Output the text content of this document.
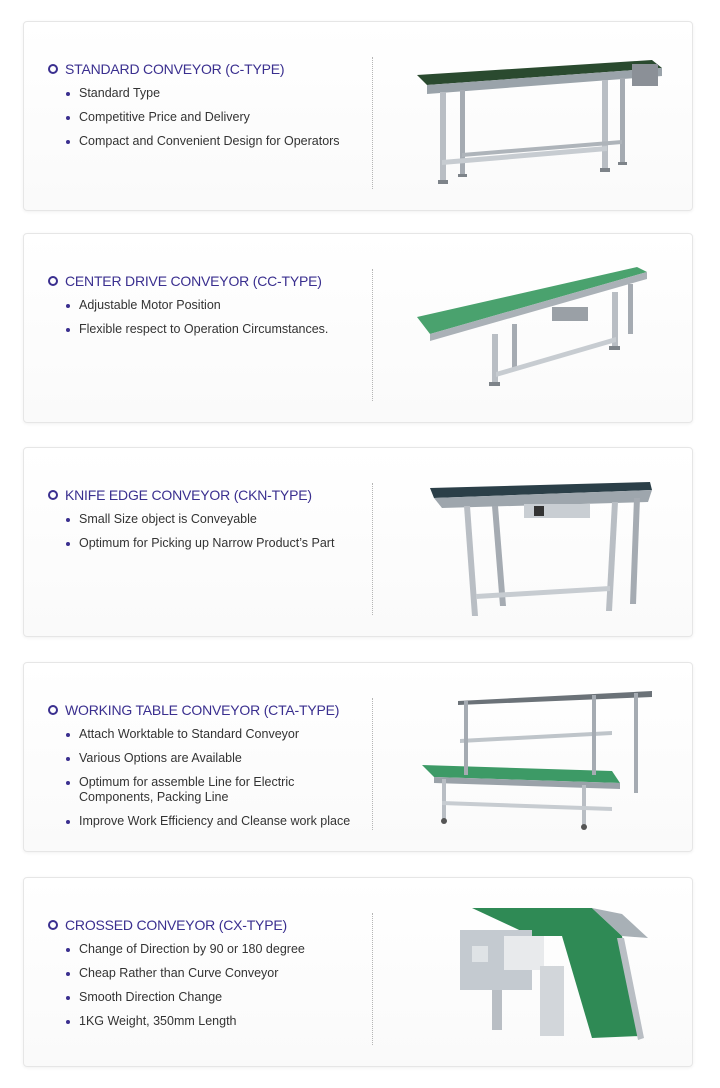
STANDARD CONVEYOR (C-TYPE)
Standard Type
Competitive Price and Delivery
Compact and Convenient Design for Operators
CENTER DRIVE CONVEYOR (CC-TYPE)
Adjustable Motor Position
Flexible respect to Operation Circumstances.
KNIFE EDGE CONVEYOR (CKN-TYPE)
Small Size object is Conveyable
Optimum for Picking up Narrow Product’s Part
WORKING TABLE CONVEYOR (CTA-TYPE)
Attach Worktable to Standard Conveyor
Various Options are Available
Optimum for assemble Line for Electric Components, Packing Line
Improve Work Efficiency and Cleanse work place
CROSSED CONVEYOR (CX-TYPE)
Change of Direction by 90 or 180 degree
Cheap Rather than Curve Conveyor
Smooth Direction Change
1KG Weight, 350mm Length
